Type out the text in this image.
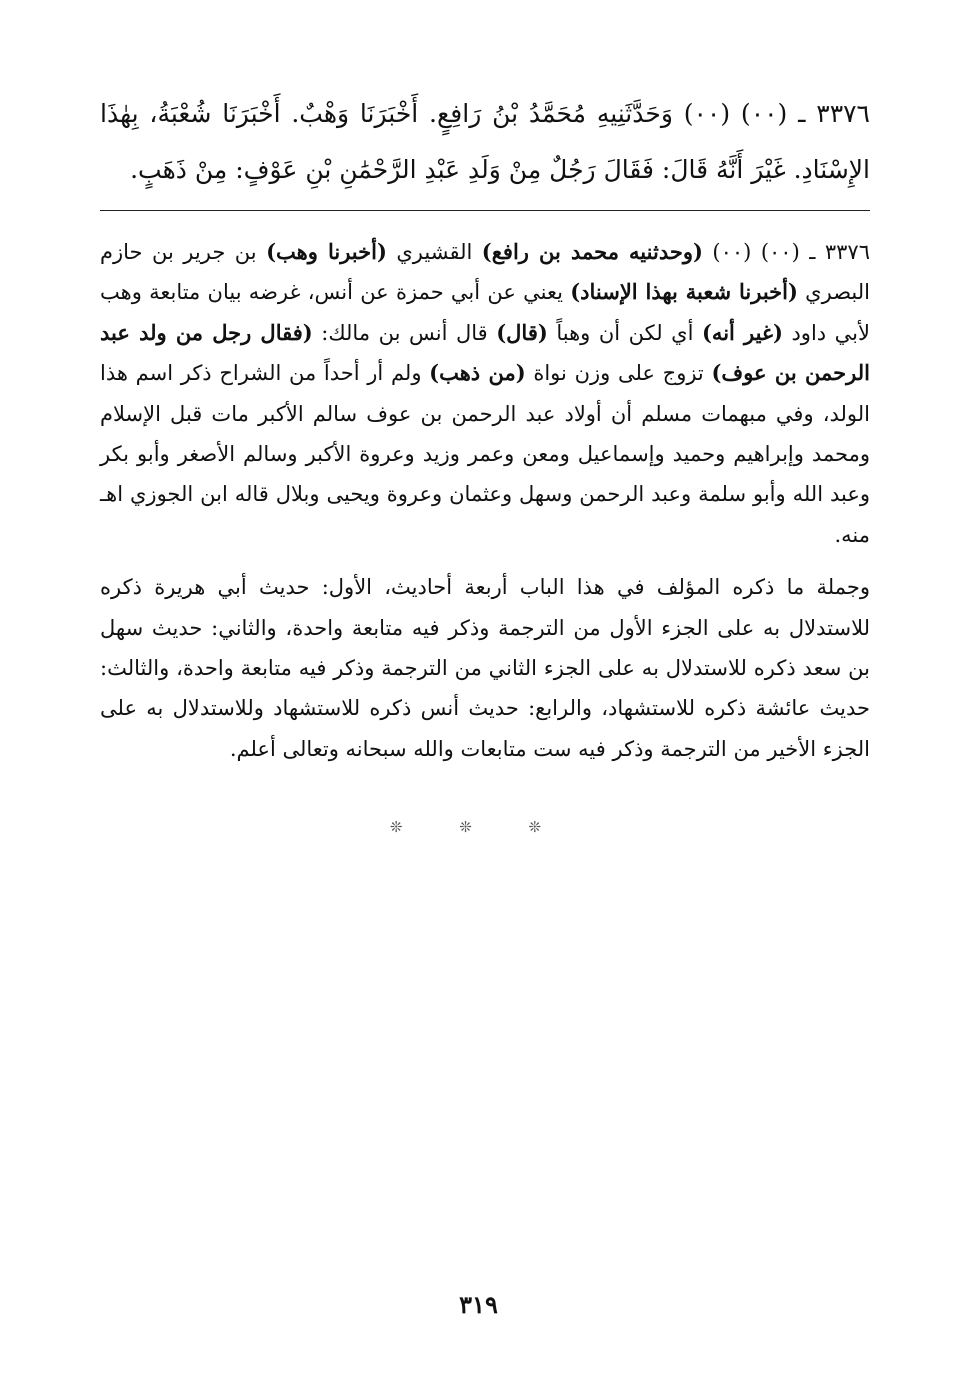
٣٣٧٦ ـ (٠٠) (٠٠) وَحَدَّثَنِيهِ مُحَمَّدُ بْنُ رَافِعٍ. أَخْبَرَنَا وَهْبٌ. أَخْبَرَنَا شُعْبَةُ، بِهٰذَا الإِسْنَادِ. غَيْرَ أَنَّهُ قَالَ: فَقَالَ رَجُلٌ مِنْ وَلَدِ عَبْدِ الرَّحْمَٰنِ بْنِ عَوْفٍ: مِنْ ذَهَبٍ.

٣٣٧٦ ـ (٠٠) (٠٠) (وحدثنيه محمد بن رافع) القشيري (أخبرنا وهب) بن جرير بن حازم البصري (أخبرنا شعبة بهذا الإسناد) يعني عن أبي حمزة عن أنس، غرضه بيان متابعة وهب لأبي داود (غير أنه) أي لكن أن وهباً (قال) قال أنس بن مالك: (فقال رجل من ولد عبد الرحمن بن عوف) تزوج على وزن نواة (من ذهب) ولم أر أحداً من الشراح ذكر اسم هذا الولد، وفي مبهمات مسلم أن أولاد عبد الرحمن بن عوف سالم الأكبر مات قبل الإسلام ومحمد وإبراهيم وحميد وإسماعيل ومعن وعمر وزيد وعروة الأكبر وسالم الأصغر وأبو بكر وعبد الله وأبو سلمة وعبد الرحمن وسهل وعثمان وعروة ويحيى وبلال قاله ابن الجوزي اهـ منه.

وجملة ما ذكره المؤلف في هذا الباب أربعة أحاديث، الأول: حديث أبي هريرة ذكره للاستدلال به على الجزء الأول من الترجمة وذكر فيه متابعة واحدة، والثاني: حديث سهل بن سعد ذكره للاستدلال به على الجزء الثاني من الترجمة وذكر فيه متابعة واحدة، والثالث: حديث عائشة ذكره للاستشهاد، والرابع: حديث أنس ذكره للاستشهاد وللاستدلال به على الجزء الأخير من الترجمة وذكر فيه ست متابعات والله سبحانه وتعالى أعلم.

❊ ❊ ❊
٣١٩
